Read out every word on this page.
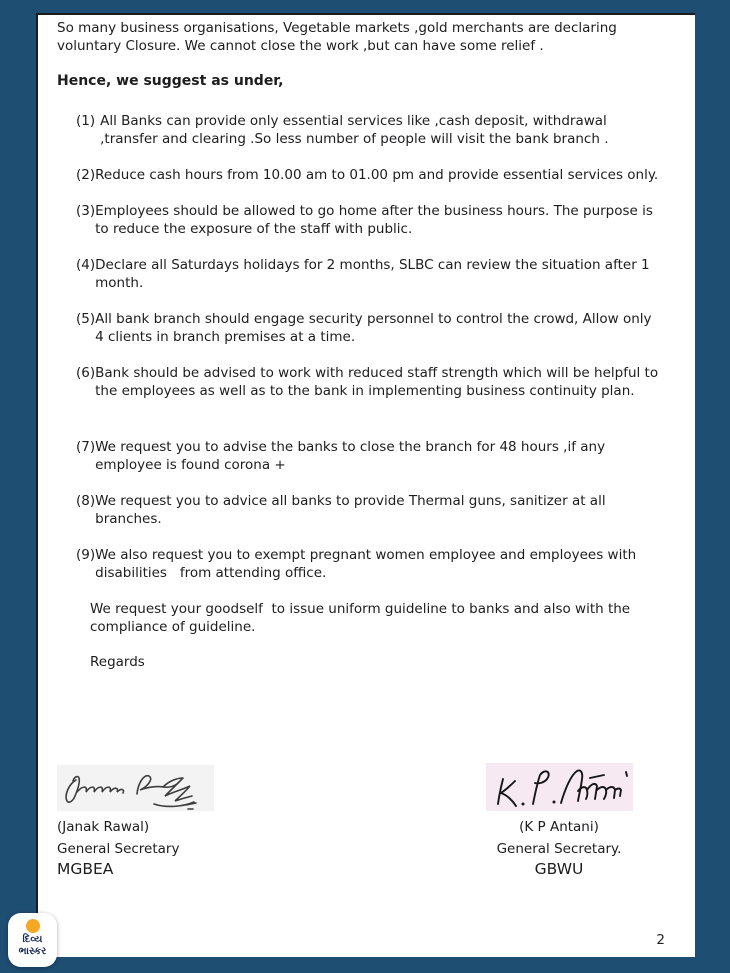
So many business organisations, Vegetable markets ,gold merchants are declaring voluntary Closure. We cannot close the work ,but can have some relief .

Hence, we suggest as under,

(1) All Banks can provide only essential services like ,cash deposit, withdrawal ,transfer and clearing .So less number of people will visit the bank branch .
(2) Reduce cash hours from 10.00 am to 01.00 pm and provide essential services only.
(3) Employees should be allowed to go home after the business hours. The purpose is to reduce the exposure of the staff with public.
(4) Declare all Saturdays holidays for 2 months, SLBC can review the situation after 1 month.
(5) All bank branch should engage security personnel to control the crowd, Allow only 4 clients in branch premises at a time.
(6) Bank should be advised to work with reduced staff strength which will be helpful to the employees as well as to the bank in implementing business continuity plan.
(7) We request you to advise the banks to close the branch for 48 hours ,if any employee is found corona +
(8) We request you to advice all banks to provide Thermal guns, sanitizer at all branches.
(9) We also request you to exempt pregnant women employee and employees with disabilities   from attending office.

We request your goodself  to issue uniform guideline to banks and also with the compliance of guideline.

Regards

(Janak Rawal)
General Secretary
MGBEA
(K P Antani)
General Secretary.
GBWU
2
દિવ્ય
ભાસ્કર
